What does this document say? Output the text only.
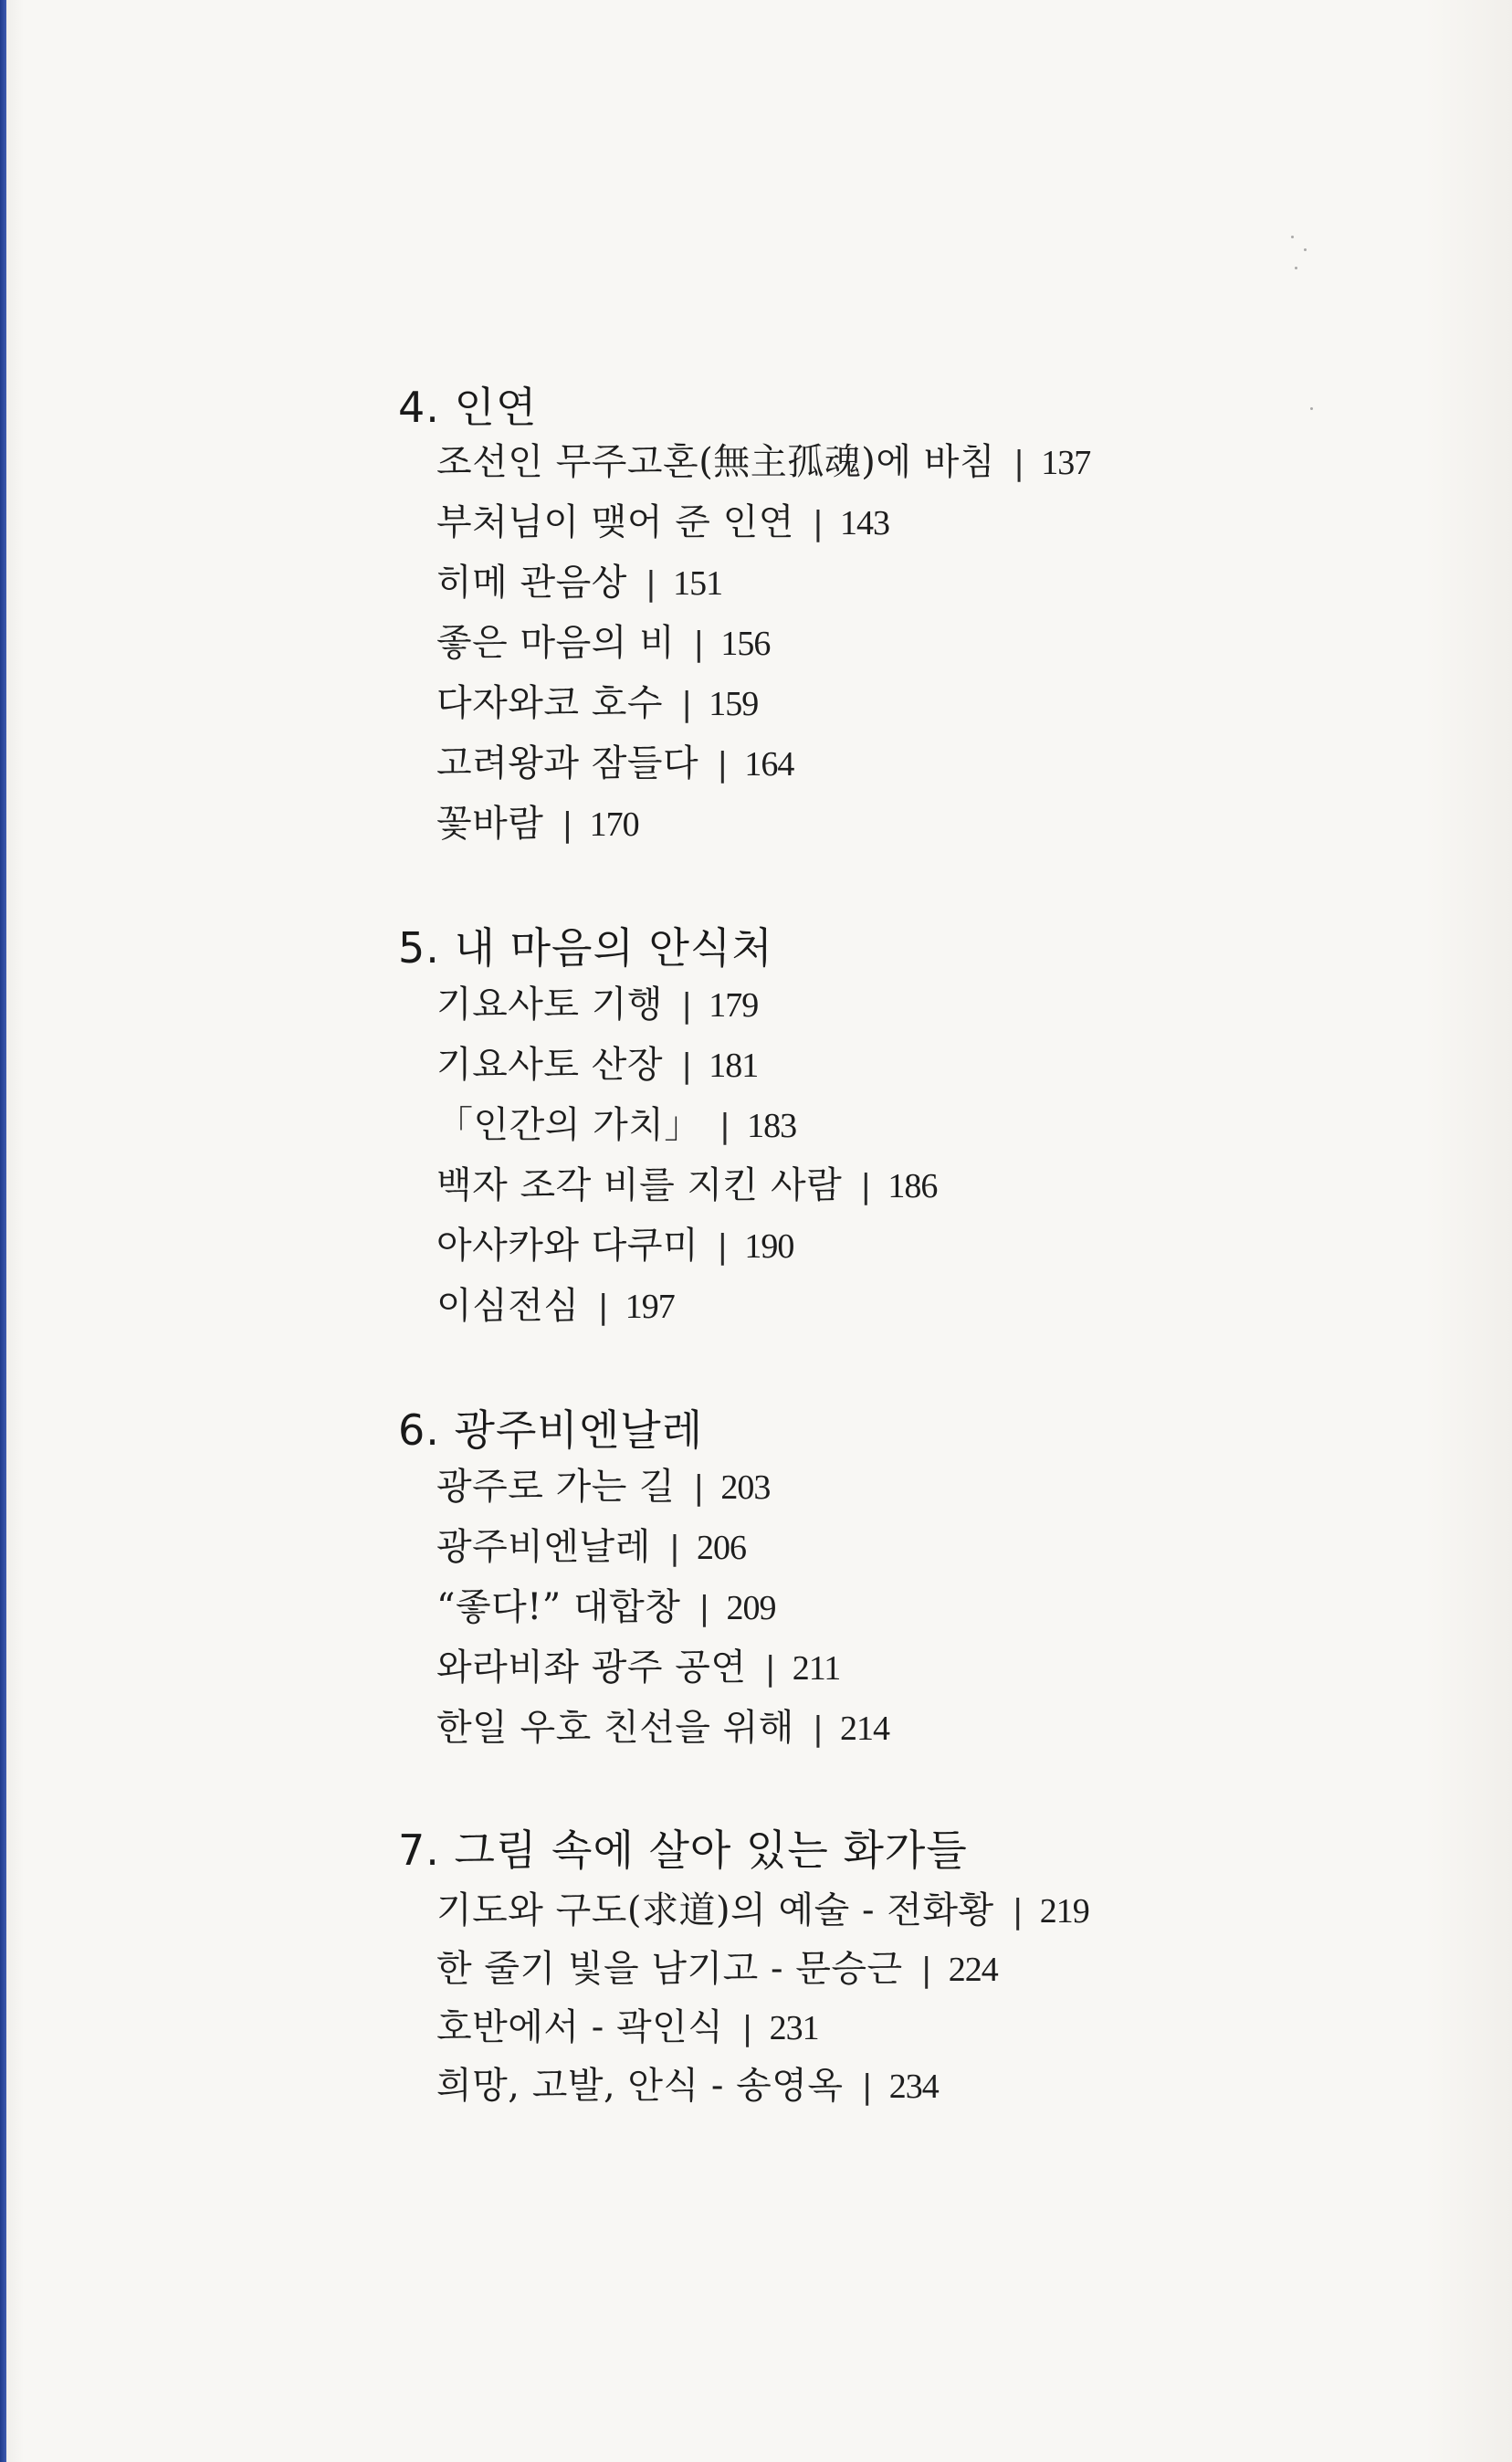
4. 인연
조선인 무주고혼(無主孤魂)에 바침 | 137
부처님이 맺어 준 인연 | 143
히메 관음상 | 151
좋은 마음의 비 | 156
다자와코 호수 | 159
고려왕과 잠들다 | 164
꽃바람 | 170
5. 내 마음의 안식처
기요사토 기행 | 179
기요사토 산장 | 181
「인간의 가치」 | 183
백자 조각 비를 지킨 사람 | 186
아사카와 다쿠미 | 190
이심전심 | 197
6. 광주비엔날레
광주로 가는 길 | 203
광주비엔날레 | 206
“좋다!” 대합창 | 209
와라비좌 광주 공연 | 211
한일 우호 친선을 위해 | 214
7. 그림 속에 살아 있는 화가들
기도와 구도(求道)의 예술 - 전화황 | 219
한 줄기 빛을 남기고 - 문승근 | 224
호반에서 - 곽인식 | 231
희망, 고발, 안식 - 송영옥 | 234
